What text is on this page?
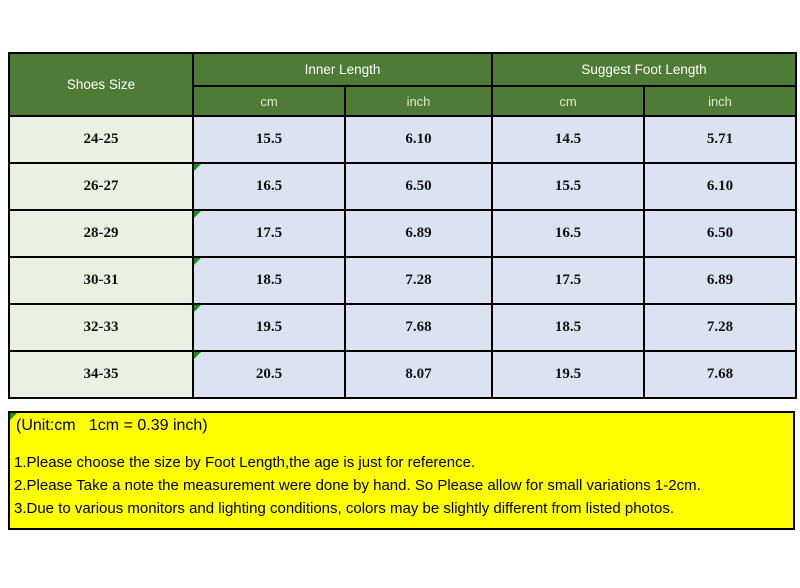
Shoes Size	Inner Length		Suggest Foot Length	
	cm	inch	cm	inch
24-25	15.5	6.10	14.5	5.71
26-27	16.5	6.50	15.5	6.10
28-29	17.5	6.89	16.5	6.50
30-31	18.5	7.28	17.5	6.89
32-33	19.5	7.68	18.5	7.28
34-35	20.5	8.07	19.5	7.68
(Unit:cm   1cm = 0.39 inch)
1.Please choose the size by Foot Length,the age is just for reference.
2.Please Take a note the measurement were done by hand. So Please allow for small variations 1-2cm.
3.Due to various monitors and lighting conditions, colors may be slightly different from listed photos.
